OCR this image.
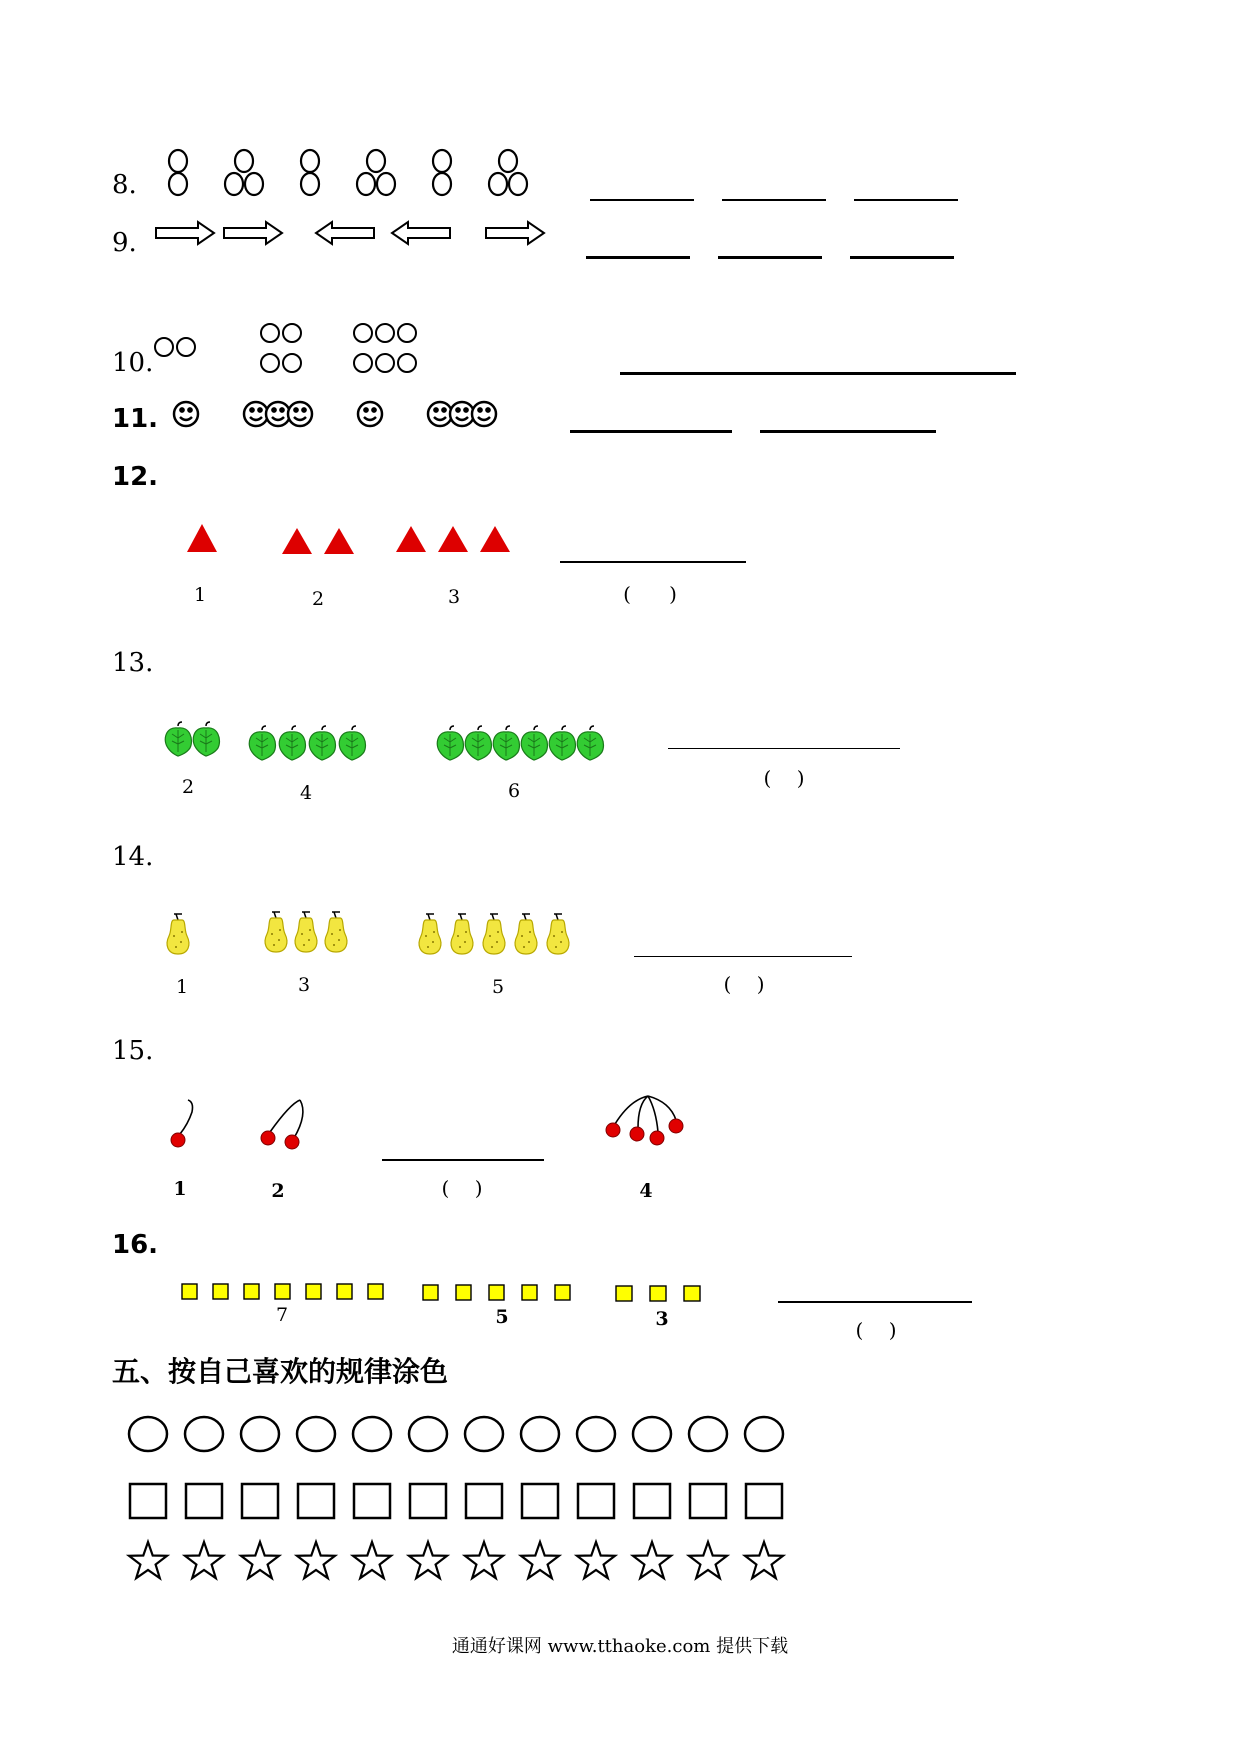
8.
9.
10.
11.
12.
1	2	3	(      )
13.
2	4	6
(    )
14.
1	3	5	(    )
15.
1	2	(    )	4
16.
7	5	3	(    )
五、按自己喜欢的规律涂色
通通好课网 www.tthaoke.com 提供下载
